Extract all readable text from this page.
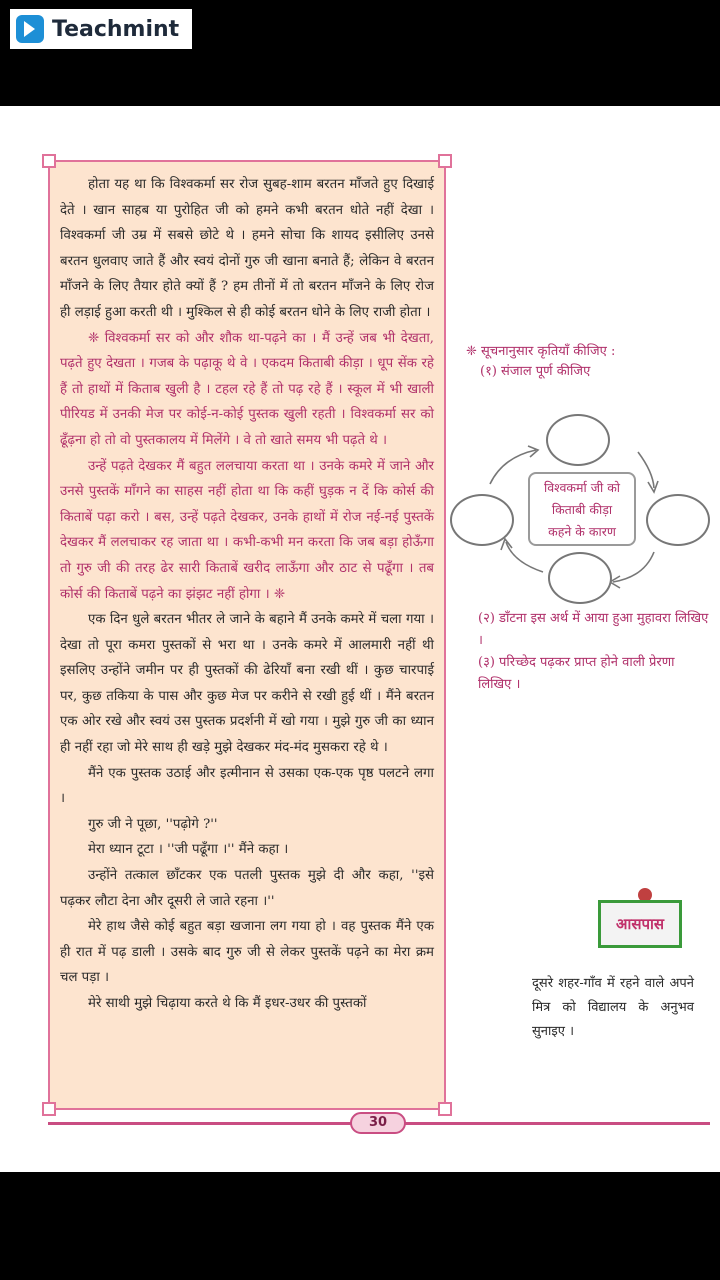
Teachmint

होता यह था कि विश्वकर्मा सर रोज सुबह-शाम बरतन माँजते हुए दिखाई देते । खान साहब या पुरोहित जी को हमने कभी बरतन धोते नहीं देखा । विश्वकर्मा जी उम्र में सबसे छोटे थे । हमने सोचा कि शायद इसीलिए उनसे बरतन धुलवाए जाते हैं और स्वयं दोनों गुरु जी खाना बनाते हैं; लेकिन वे बरतन माँजने के लिए तैयार होते क्यों हैं ? हम तीनों में तो बरतन माँजने के लिए रोज ही लड़ाई हुआ करती थी । मुश्किल से ही कोई बरतन धोने के लिए राजी होता ।

❈ विश्वकर्मा सर को और शौक था-पढ़ने का । मैं उन्हें जब भी देखता, पढ़ते हुए देखता । गजब के पढ़ाकू थे वे । एकदम किताबी कीड़ा । धूप सेंक रहे हैं तो हाथों में किताब खुली है । टहल रहे हैं तो पढ़ रहे हैं । स्कूल में भी खाली पीरियड में उनकी मेज पर कोई-न-कोई पुस्तक खुली रहती । विश्वकर्मा सर को ढूँढ़ना हो तो वो पुस्तकालय में मिलेंगे । वे तो खाते समय भी पढ़ते थे ।

उन्हें पढ़ते देखकर मैं बहुत ललचाया करता था । उनके कमरे में जाने और उनसे पुस्तकें माँगने का साहस नहीं होता था कि कहीं घुड़क न दें कि कोर्स की किताबें पढ़ा करो । बस, उन्हें पढ़ते देखकर, उनके हाथों में रोज नई-नई पुस्तकें देखकर मैं ललचाकर रह जाता था । कभी-कभी मन करता कि जब बड़ा होऊँगा तो गुरु जी की तरह ढेर सारी किताबें खरीद लाऊँगा और ठाट से पढूँगा । तब कोर्स की किताबें पढ़ने का झंझट नहीं होगा । ❈

एक दिन धुले बरतन भीतर ले जाने के बहाने मैं उनके कमरे में चला गया । देखा तो पूरा कमरा पुस्तकों से भरा था । उनके कमरे में आलमारी नहीं थी इसलिए उन्होंने जमीन पर ही पुस्तकों की ढेरियाँ बना रखी थीं । कुछ चारपाई पर, कुछ तकिया के पास और कुछ मेज पर करीने से रखी हुई थीं । मैंने बरतन एक ओर रखे और स्वयं उस पुस्तक प्रदर्शनी में खो गया । मुझे गुरु जी का ध्यान ही नहीं रहा जो मेरे साथ ही खड़े मुझे देखकर मंद-मंद मुसकरा रहे थे ।

मैंने एक पुस्तक उठाई और इत्मीनान से उसका एक-एक पृष्ठ पलटने लगा ।

गुरु जी ने पूछा, ''पढ़ोगे ?''

मेरा ध्यान टूटा । ''जी पढूँगा ।'' मैंने कहा ।

उन्होंने तत्काल छाँटकर एक पतली पुस्तक मुझे दी और कहा, ''इसे पढ़कर लौटा देना और दूसरी ले जाते रहना ।''

मेरे हाथ जैसे कोई बहुत बड़ा खजाना लग गया हो । वह पुस्तक मैंने एक ही रात में पढ़ डाली । उसके बाद गुरु जी से लेकर पुस्तकें पढ़ने का मेरा क्रम चल पड़ा ।

मेरे साथी मुझे चिढ़ाया करते थे कि मैं इधर-उधर की पुस्तकों

❈ सूचनानुसार कृतियाँ कीजिए :
(१) संजाल पूर्ण कीजिए
विश्वकर्मा जी को
किताबी कीड़ा
कहने के कारण
(२) डाँटना इस अर्थ में आया हुआ मुहावरा लिखिए ।
(३) परिच्छेद पढ़कर प्राप्त होने वाली प्रेरणा लिखिए ।
आसपास
दूसरे शहर-गाँव में रहने वाले अपने मित्र को विद्यालय के अनुभव सुनाइए ।
30
